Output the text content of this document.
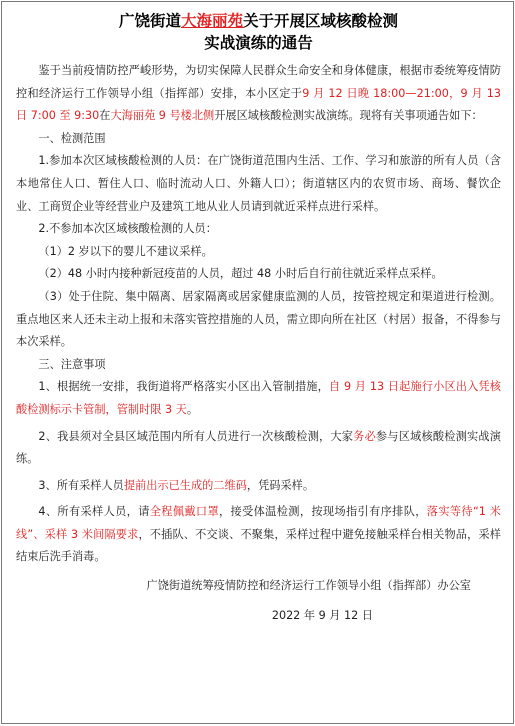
广饶街道大海丽苑关于开展区域核酸检测
实战演练的通告

鉴于当前疫情防控严峻形势，为切实保障人民群众生命安全和身体健康，根据市委统筹疫情防控和经济运行工作领导小组（指挥部）安排，本小区定于9 月 12 日晚 18:00—21:00，9 月 13 日 7:00 至 9:30在大海丽苑 9 号楼北侧开展区域核酸检测实战演练。现将有关事项通告如下：

一、检测范围

1.参加本次区域核酸检测的人员：在广饶街道范围内生活、工作、学习和旅游的所有人员（含本地常住人口、暂住人口、临时流动人口、外籍人口）；街道辖区内的农贸市场、商场、餐饮企业、工商贸企业等经营业户及建筑工地从业人员请到就近采样点进行采样。

2.不参加本次区域核酸检测的人员：

（1）2 岁以下的婴儿不建议采样。

（2）48 小时内接种新冠疫苗的人员，超过 48 小时后自行前往就近采样点采样。

（3）处于住院、集中隔离、居家隔离或居家健康监测的人员，按管控规定和渠道进行检测。重点地区来人还未主动上报和未落实管控措施的人员，需立即向所在社区（村居）报备，不得参与本次采样。

三、注意事项

1、根据统一安排，我街道将严格落实小区出入管制措施，自 9 月 13 日起施行小区出入凭核酸检测标示卡管制，管制时限 3 天。

2、我县须对全县区域范围内所有人员进行一次核酸检测，大家务必参与区域核酸检测实战演练。

3、所有采样人员提前出示已生成的二维码，凭码采样。

4、所有采样人员，请全程佩戴口罩，接受体温检测，按现场指引有序排队，落实等待“1 米线”、采样 3 米间隔要求，不插队、不交谈、不聚集，采样过程中避免接触采样台相关物品，采样结束后洗手消毒。

广饶街道统筹疫情防控和经济运行工作领导小组（指挥部）办公室

2022 年 9 月 12 日
